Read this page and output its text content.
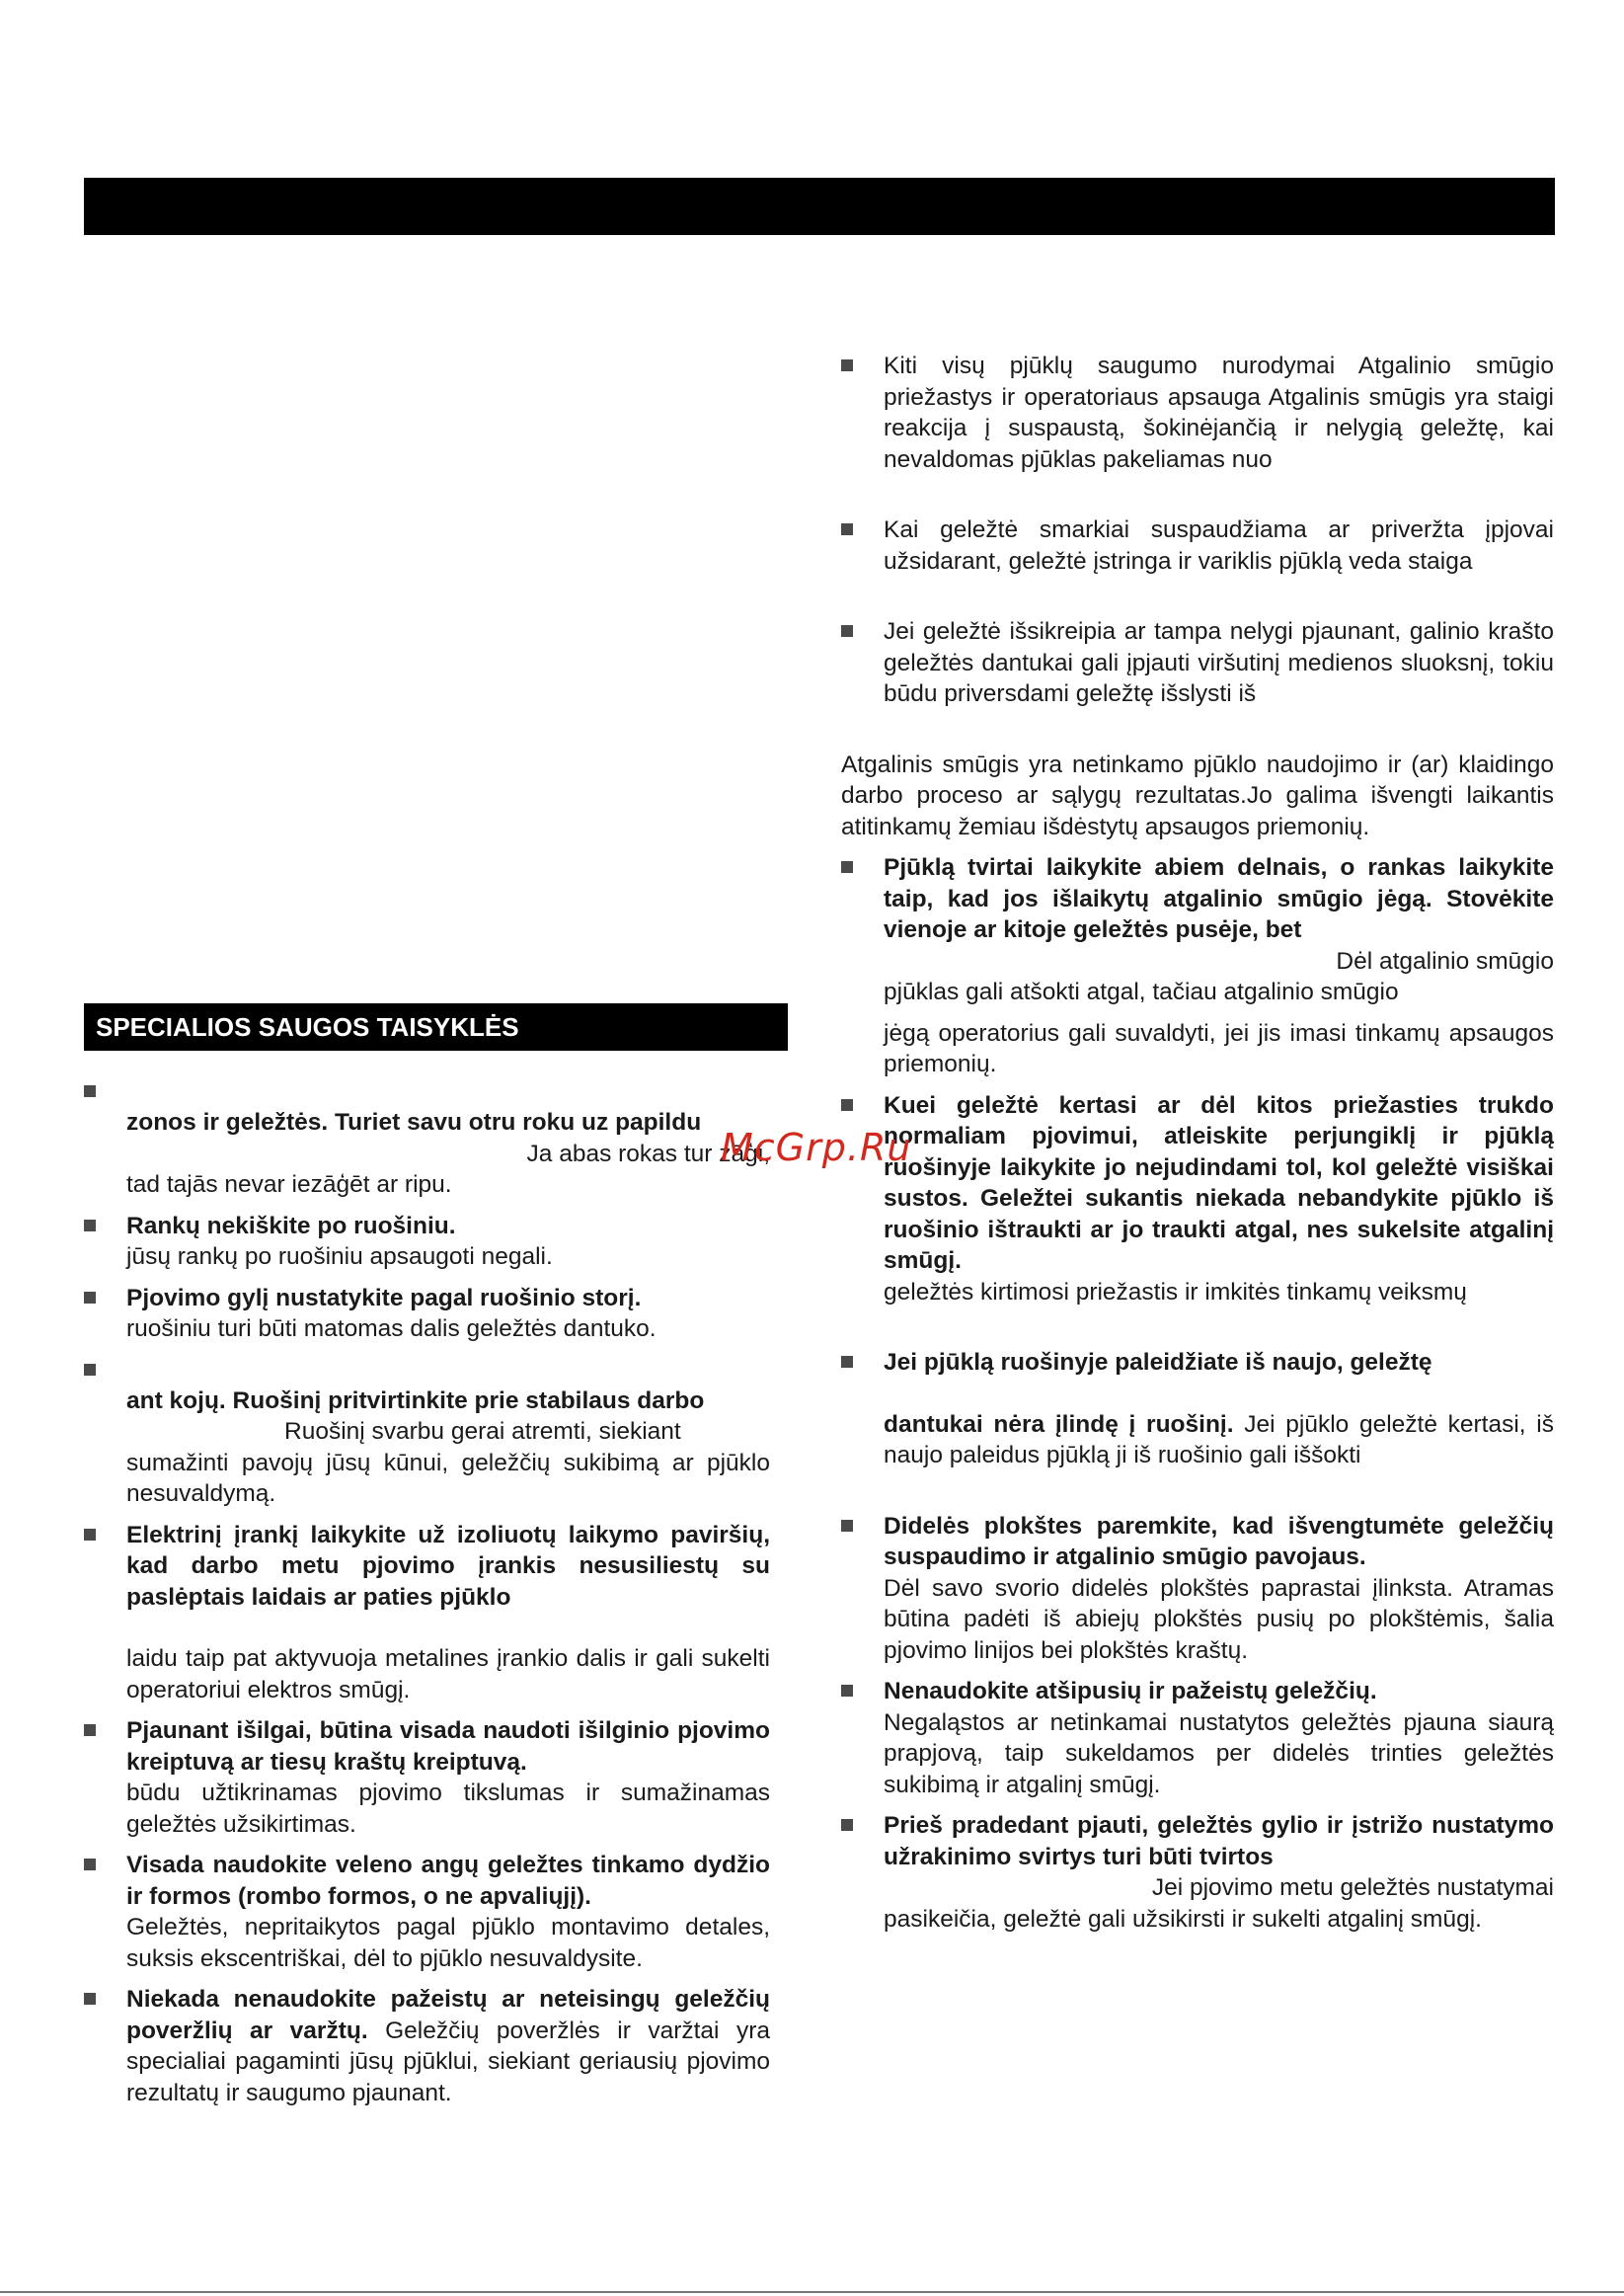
SPECIALIOS SAUGOS TAISYKLĖS

zonos ir geležtės. Turiet savu otru roku uz papildu

Ja abas rokas tur zāģi,

tad tajās nevar iezāģēt ar ripu.

Rankų nekiškite po ruošiniu.

jūsų rankų po ruošiniu apsaugoti negali.

Pjovimo gylį nustatykite pagal ruošinio storį.

ruošiniu turi būti matomas dalis geležtės dantuko.

ant kojų. Ruošinį pritvirtinkite prie stabilaus darbo

Ruošinį svarbu gerai atremti, siekiant

sumažinti pavojų jūsų kūnui, geležčių sukibimą ar pjūklo nesuvaldymą.

Elektrinį įrankį laikykite už izoliuotų laikymo paviršių, kad darbo metu pjovimo įrankis nesusiliestų su paslėptais laidais ar paties pjūklo

laidu taip pat aktyvuoja metalines įrankio dalis ir gali sukelti operatoriui elektros smūgį.

Pjaunant išilgai, būtina visada naudoti išilginio pjovimo kreiptuvą ar tiesų kraštų kreiptuvą.

būdu užtikrinamas pjovimo tikslumas ir sumažinamas geležtės užsikirtimas.

Visada naudokite veleno angų geležtes tinkamo dydžio ir formos (rombo formos, o ne apvaliųjį).

Geležtės, nepritaikytos pagal pjūklo montavimo detales, suksis ekscentriškai, dėl to pjūklo nesuvaldysite.

Niekada nenaudokite pažeistų ar neteisingų geležčių poveržlių ar varžtų. Geležčių poveržlės ir varžtai yra specialiai pagaminti jūsų pjūklui, siekiant geriausių pjovimo rezultatų ir saugumo pjaunant.

Kiti visų pjūklų saugumo nurodymai Atgalinio smūgio priežastys ir operatoriaus apsauga Atgalinis smūgis yra staigi reakcija į suspaustą, šokinėjančią ir nelygią geležtę, kai nevaldomas pjūklas pakeliamas nuo

Kai geležtė smarkiai suspaudžiama ar priveržta įpjovai užsidarant, geležtė įstringa ir variklis pjūklą veda staiga

Jei geležtė išsikreipia ar tampa nelygi pjaunant, galinio krašto geležtės dantukai gali įpjauti viršutinį medienos sluoksnį, tokiu būdu priversdami geležtę išslysti iš

Atgalinis smūgis yra netinkamo pjūklo naudojimo ir (ar) klaidingo darbo proceso ar sąlygų rezultatas.Jo galima išvengti laikantis atitinkamų žemiau išdėstytų apsaugos priemonių.

Pjūklą tvirtai laikykite abiem delnais, o rankas laikykite taip, kad jos išlaikytų atgalinio smūgio jėgą. Stovėkite vienoje ar kitoje geležtės pusėje, bet

Dėl atgalinio smūgio

pjūklas gali atšokti atgal, tačiau atgalinio smūgio

jėgą operatorius gali suvaldyti, jei jis imasi tinkamų apsaugos priemonių.

Kuei geležtė kertasi ar dėl kitos priežasties trukdo normaliam pjovimui, atleiskite perjungiklį ir pjūklą ruošinyje laikykite jo nejudindami tol, kol geležtė visiškai sustos. Geležtei sukantis niekada nebandykite pjūklo iš ruošinio ištraukti ar jo traukti atgal, nes sukelsite atgalinį smūgį.

geležtės kirtimosi priežastis ir imkitės tinkamų veiksmų

Jei pjūklą ruošinyje paleidžiate iš naujo, geležtę

dantukai nėra įlindę į ruošinį. Jei pjūklo geležtė kertasi, iš naujo paleidus pjūklą ji iš ruošinio gali iššokti

Didelės plokštes paremkite, kad išvengtumėte geležčių suspaudimo ir atgalinio smūgio pavojaus.

Dėl savo svorio didelės plokštės paprastai įlinksta. Atramas būtina padėti iš abiejų plokštės pusių po plokštėmis, šalia pjovimo linijos bei plokštės kraštų.

Nenaudokite atšipusių ir pažeistų geležčių.

Negaląstos ar netinkamai nustatytos geležtės pjauna siaurą prapjovą, taip sukeldamos per didelės trinties geležtės sukibimą ir atgalinį smūgį.

Prieš pradedant pjauti, geležtės gylio ir įstrižo nustatymo užrakinimo svirtys turi būti tvirtos

Jei pjovimo metu geležtės nustatymai

pasikeičia, geležtė gali užsikirsti ir sukelti atgalinį smūgį.

McGrp.Ru
